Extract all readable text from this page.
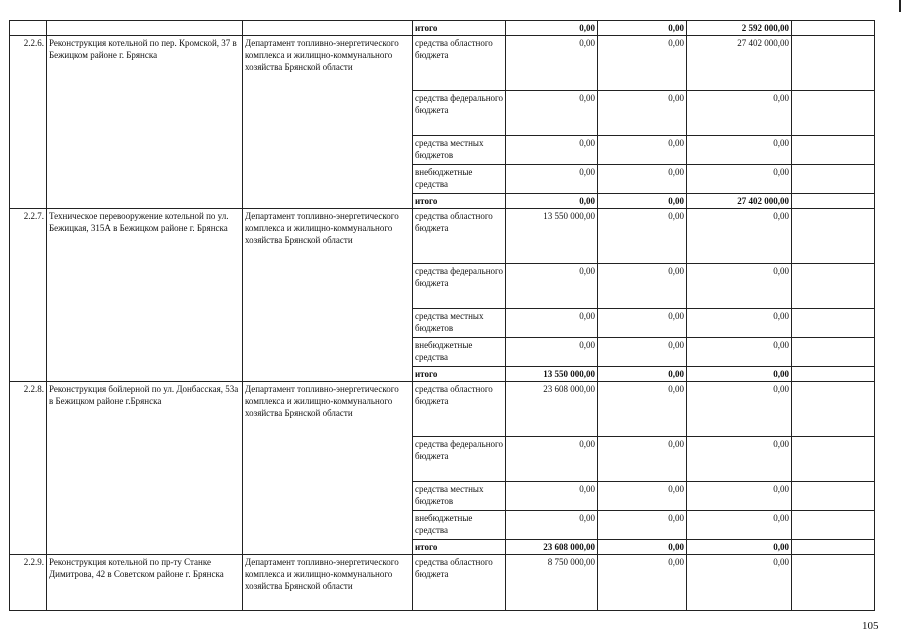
			итого	0,00	0,00	2 592 000,00	
2.2.6.	Реконструкция котельной по пер. Кромской, 37 в Бежицком районе г. Брянска	Департамент топливно-энергетического комплекса и жилищно-коммунального хозяйства Брянской области	средства областного бюджета	0,00	0,00	27 402 000,00	
			средства федерального бюджета	0,00	0,00	0,00	
			средства местных бюджетов	0,00	0,00	0,00	
			внебюджетные средства	0,00	0,00	0,00	
			итого	0,00	0,00	27 402 000,00	
2.2.7.	Техническое перевооружение котельной по ул. Бежицкая, 315А в Бежицком районе г. Брянска	Департамент топливно-энергетического комплекса и жилищно-коммунального хозяйства Брянской области	средства областного бюджета	13 550 000,00	0,00	0,00	
			средства федерального бюджета	0,00	0,00	0,00	
			средства местных бюджетов	0,00	0,00	0,00	
			внебюджетные средства	0,00	0,00	0,00	
			итого	13 550 000,00	0,00	0,00	
2.2.8.	Реконструкция бойлерной по ул. Донбасская, 53а в Бежицком районе г.Брянска	Департамент топливно-энергетического комплекса и жилищно-коммунального хозяйства Брянской области	средства областного бюджета	23 608 000,00	0,00	0,00	
			средства федерального бюджета	0,00	0,00	0,00	
			средства местных бюджетов	0,00	0,00	0,00	
			внебюджетные средства	0,00	0,00	0,00	
			итого	23 608 000,00	0,00	0,00	
2.2.9.	Реконструкция котельной по пр-ту Станке Димитрова, 42 в Советском районе г. Брянска	Департамент топливно-энергетического комплекса и жилищно-коммунального хозяйства Брянской области	средства областного бюджета	8 750 000,00	0,00	0,00	
105
